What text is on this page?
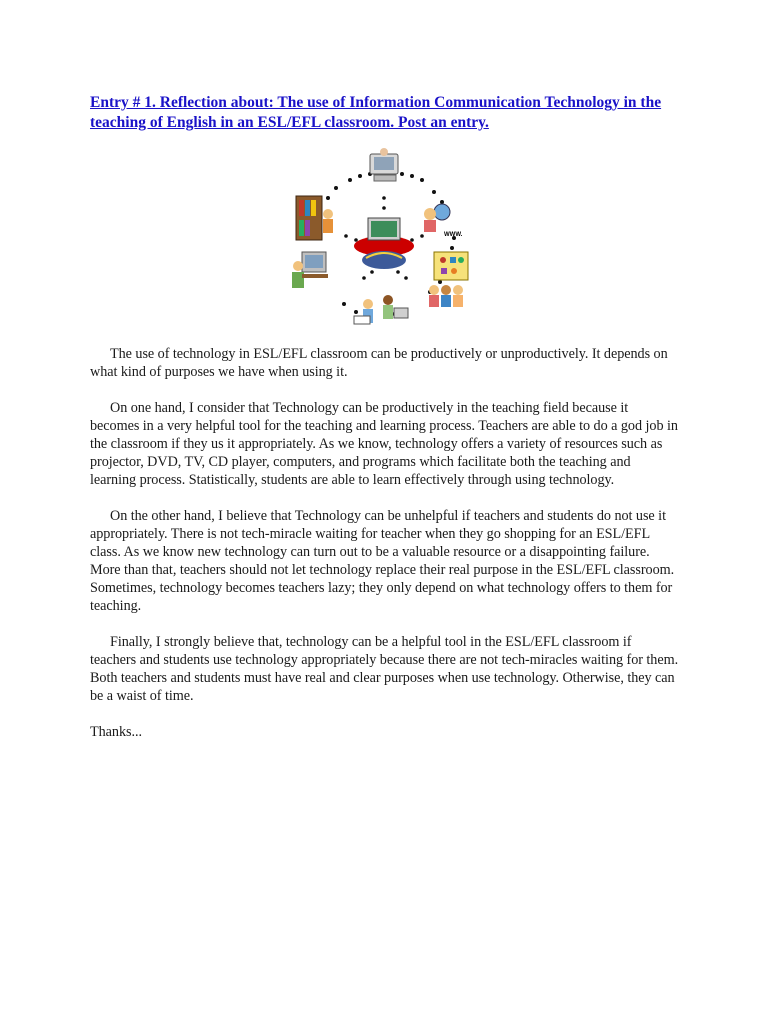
Entry # 1. Reflection about: The use of Information Communication Technology in the teaching of English in an ESL/EFL classroom. Post an entry.
WWW.

The use of technology in ESL/EFL classroom can be productively or unproductively. It depends on what kind of purposes we have when using it.

On one hand, I consider that Technology can be productively in the teaching field because it becomes in a very helpful tool for the teaching and learning process. Teachers are able to do a god job in the classroom if they us it appropriately. As we know, technology offers a variety of resources such as projector, DVD, TV, CD player, computers, and programs which facilitate both the teaching and learning process. Statistically, students are able to learn effectively through using technology.

On the other hand, I believe that Technology can be unhelpful if teachers and students do not use it appropriately. There is not tech-miracle waiting for teacher when they go shopping for an ESL/EFL class. As we know new technology can turn out to be a valuable resource or a disappointing failure. More than that, teachers should not let technology replace their real purpose in the ESL/EFL classroom. Sometimes, technology becomes teachers lazy; they only depend on what technology offers to them for teaching.

Finally, I strongly believe that, technology can be a helpful tool in the ESL/EFL classroom if teachers and students use technology appropriately because there are not tech-miracles waiting for them. Both teachers and students must have real and clear purposes when use technology. Otherwise, they can be a waist of time.

Thanks...
